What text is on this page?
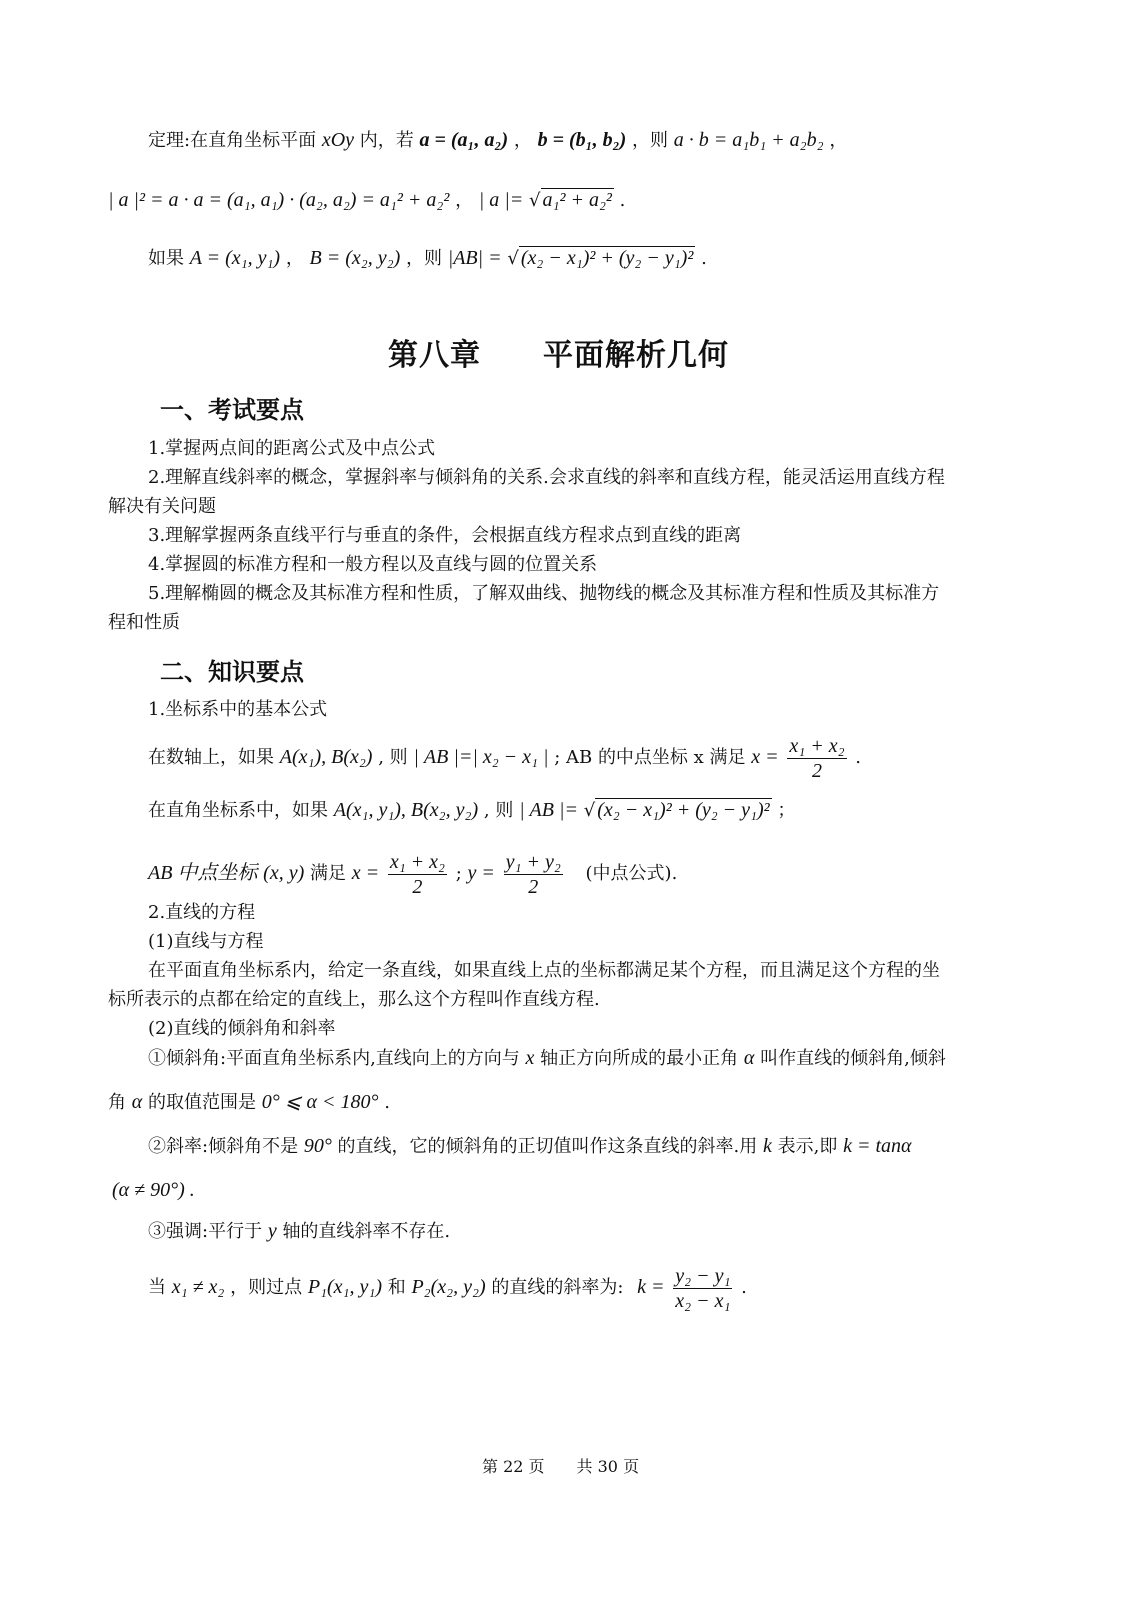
定理:在直角坐标平面 xOy 内，若 a = (a₁, a₂) ， b = (b₁, b₂) ，则 a · b = a₁b₁ + a₂b₂ ，
| a |² = a · a = (a₁, a₁) · (a₂, a₂) = a₁² + a₂² ， | a |= √ a₁² + a₂² .
如果 A = (x₁, y₁) ， B = (x₂, y₂) ，则 |AB| = √ (x₂ − x₁)² + (y₂ − y₁)² .
第八章　　平面解析几何
一、考试要点
1.掌握两点间的距离公式及中点公式
2.理解直线斜率的概念，掌握斜率与倾斜角的关系.会求直线的斜率和直线方程，能灵活运用直线方程
解决有关问题
3.理解掌握两条直线平行与垂直的条件，会根据直线方程求点到直线的距离
4.掌握圆的标准方程和一般方程以及直线与圆的位置关系
5.理解椭圆的概念及其标准方程和性质，了解双曲线、抛物线的概念及其标准方程和性质及其标准方
程和性质
二、知识要点
1.坐标系中的基本公式
在数轴上，如果 A(x₁), B(x₂) , 则 | AB |=| x₂ − x₁ | ; AB 的中点坐标 x 满足 $x = \frac{\text{x₁ + x₂}}{2}$ .
在直角坐标系中，如果 A(x₁, y₁), B(x₂, y₂) , 则 | AB |= √ (x₂ − x₁)² + (y₂ − y₁)² ；
AB 中点坐标 (x, y) 满足 $x = \frac{\text{x₁ + x₂}}{2}$ ; $y = \frac{\text{y₁ + y₂}}{2}$ (中点公式).
2.直线的方程
(1)直线与方程
在平面直角坐标系内，给定一条直线，如果直线上点的坐标都满足某个方程，而且满足这个方程的坐
标所表示的点都在给定的直线上，那么这个方程叫作直线方程.
(2)直线的倾斜角和斜率
①倾斜角:平面直角坐标系内,直线向上的方向与 x 轴正方向所成的最小正角 α 叫作直线的倾斜角,倾斜
角 α 的取值范围是 0° ⩽ α < 180° .
②斜率:倾斜角不是 90° 的直线，它的倾斜角的正切值叫作这条直线的斜率.用 k 表示,即 k = tanα
(α ≠ 90°) .
③强调:平行于 y 轴的直线斜率不存在.
当 x₁ ≠ x₂ ，则过点 P₁(x₁, y₁) 和 P₂(x₂, y₂) 的直线的斜率为: $k = \frac{\text{y₂ − y₁}}{\text{x₂ − x₁}}$ .
第 22 页　　共 30 页
